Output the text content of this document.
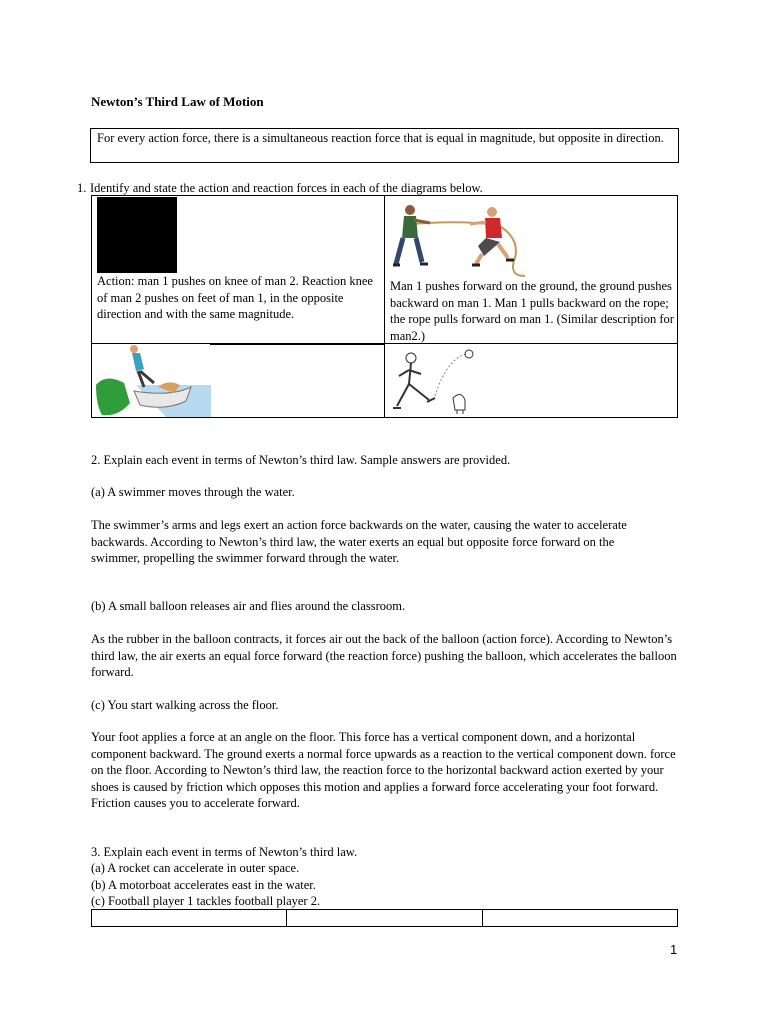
Newton’s Third Law of Motion
For every action force, there is a simultaneous reaction force that is equal in magnitude, but opposite in direction.
1. Identify and state the action and reaction forces in each of the diagrams below.
Action: man 1 pushes on knee of man 2. Reaction knee of man 2 pushes on feet of man 1, in the opposite direction and with the same magnitude.	Man 1 pushes forward on the ground, the ground pushes backward on man 1. Man 1 pulls backward on the rope; the rope pulls forward on man 1. (Similar description for man2.)

2. Explain each event in terms of Newton’s third law. Sample answers are provided.
(a) A swimmer moves through the water.
The swimmer’s arms and legs exert an action force backwards on the water, causing the water to accelerate backwards. According to Newton’s third law, the water exerts an equal but opposite force forward on the swimmer, propelling the swimmer forward through the water.
(b) A small balloon releases air and flies around the classroom.
As the rubber in the balloon contracts, it forces air out the back of the balloon (action force). According to Newton’s third law, the air exerts an equal force forward (the reaction force) pushing the balloon, which accelerates the balloon forward.
(c) You start walking across the floor.
Your foot applies a force at an angle on the floor. This force has a vertical component down, and a horizontal component backward. The ground exerts a normal force upwards as a reaction to the vertical component down. force on the floor. According to Newton’s third law, the reaction force to the horizontal backward action exerted by your shoes is caused by friction which opposes this motion and applies a forward force accelerating your foot forward. Friction causes you to accelerate forward.
3. Explain each event in terms of Newton’s third law.
(a) A rocket can accelerate in outer space.
(b) A motorboat accelerates east in the water.
(c) Football player 1 tackles football player 2.

1
